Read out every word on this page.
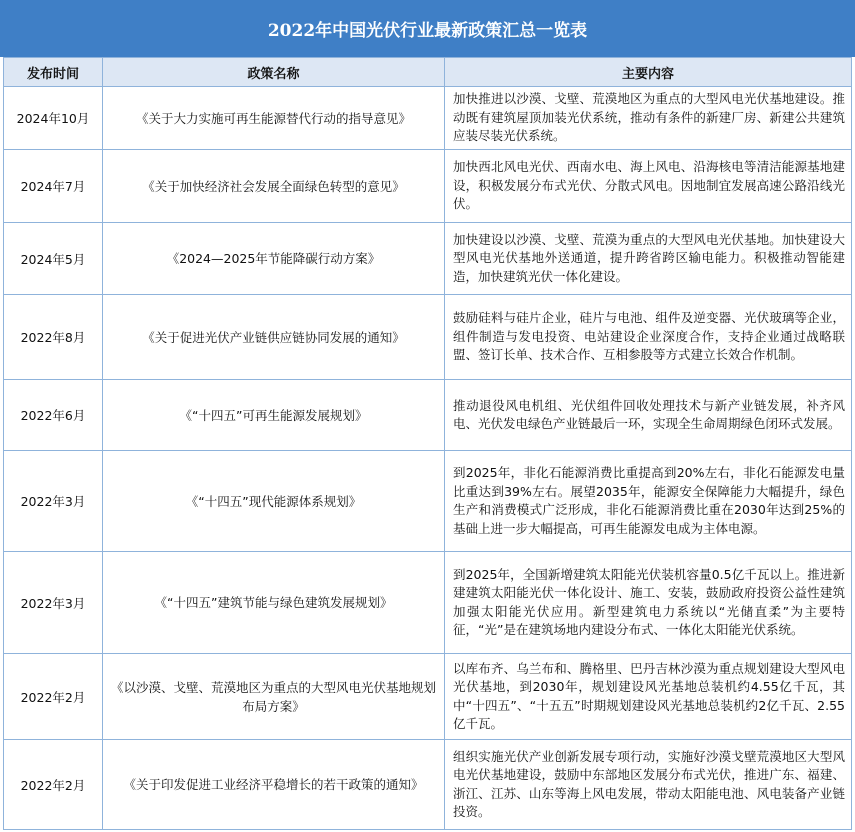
2022年中国光伏行业最新政策汇总一览表
发布时间	政策名称	主要内容
2024年10月	《关于大力实施可再生能源替代行动的指导意见》	加快推进以沙漠、戈壁、荒漠地区为重点的大型风电光伏基地建设。推动既有建筑屋顶加装光伏系统，推动有条件的新建厂房、新建公共建筑应装尽装光伏系统。
2024年7月	《关于加快经济社会发展全面绿色转型的意见》	加快西北风电光伏、西南水电、海上风电、沿海核电等清洁能源基地建设，积极发展分布式光伏、分散式风电。因地制宜发展高速公路沿线光伏。
2024年5月	《2024—2025年节能降碳行动方案》	加快建设以沙漠、戈壁、荒漠为重点的大型风电光伏基地。加快建设大型风电光伏基地外送通道，提升跨省跨区输电能力。积极推动智能建造，加快建筑光伏一体化建设。
2022年8月	《关于促进光伏产业链供应链协同发展的通知》	鼓励硅料与硅片企业，硅片与电池、组件及逆变器、光伏玻璃等企业，组件制造与发电投资、电站建设企业深度合作，支持企业通过战略联盟、签订长单、技术合作、互相参股等方式建立长效合作机制。
2022年6月	《“十四五”可再生能源发展规划》	推动退役风电机组、光伏组件回收处理技术与新产业链发展，补齐风电、光伏发电绿色产业链最后一环，实现全生命周期绿色闭环式发展。
2022年3月	《“十四五”现代能源体系规划》	到2025年，非化石能源消费比重提高到20%左右，非化石能源发电量比重达到39%左右。展望2035年，能源安全保障能力大幅提升，绿色生产和消费模式广泛形成，非化石能源消费比重在2030年达到25%的基础上进一步大幅提高，可再生能源发电成为主体电源。
2022年3月	《“十四五”建筑节能与绿色建筑发展规划》	到2025年，全国新增建筑太阳能光伏装机容量0.5亿千瓦以上。推进新建建筑太阳能光伏一体化设计、施工、安装，鼓励政府投资公益性建筑加强太阳能光伏应用。新型建筑电力系统以“光储直柔”为主要特征，“光”是在建筑场地内建设分布式、一体化太阳能光伏系统。
2022年2月	《以沙漠、戈壁、荒漠地区为重点的大型风电光伏基地规划布局方案》	以库布齐、乌兰布和、腾格里、巴丹吉林沙漠为重点规划建设大型风电光伏基地，到2030年，规划建设风光基地总装机约4.55亿千瓦，其中“十四五”、“十五五”时期规划建设风光基地总装机约2亿千瓦、2.55亿千瓦。
2022年2月	《关于印发促进工业经济平稳增长的若干政策的通知》	组织实施光伏产业创新发展专项行动，实施好沙漠戈壁荒漠地区大型风电光伏基地建设，鼓励中东部地区发展分布式光伏，推进广东、福建、浙江、江苏、山东等海上风电发展，带动太阳能电池、风电装备产业链投资。
